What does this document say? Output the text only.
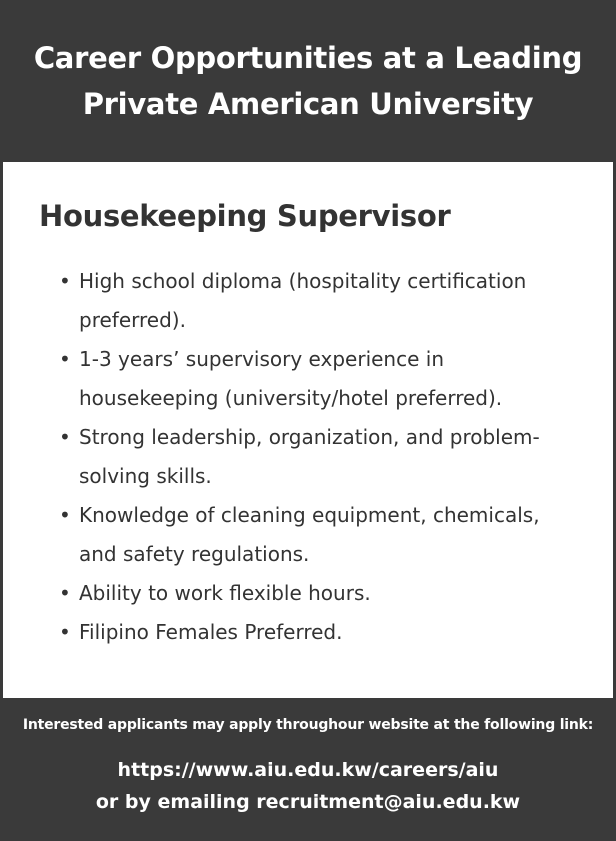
Career Opportunities at a Leading
Private American University
Housekeeping Supervisor
• High school diploma (hospitality certification preferred).
• 1-3 years’ supervisory experience in housekeeping (university/hotel preferred).
• Strong leadership, organization, and problem-solving skills.
• Knowledge of cleaning equipment, chemicals, and safety regulations.
• Ability to work flexible hours.
• Filipino Females Preferred.
Interested applicants may apply throughour website at the following link:
https://www.aiu.edu.kw/careers/aiu
or by emailing recruitment@aiu.edu.kw
